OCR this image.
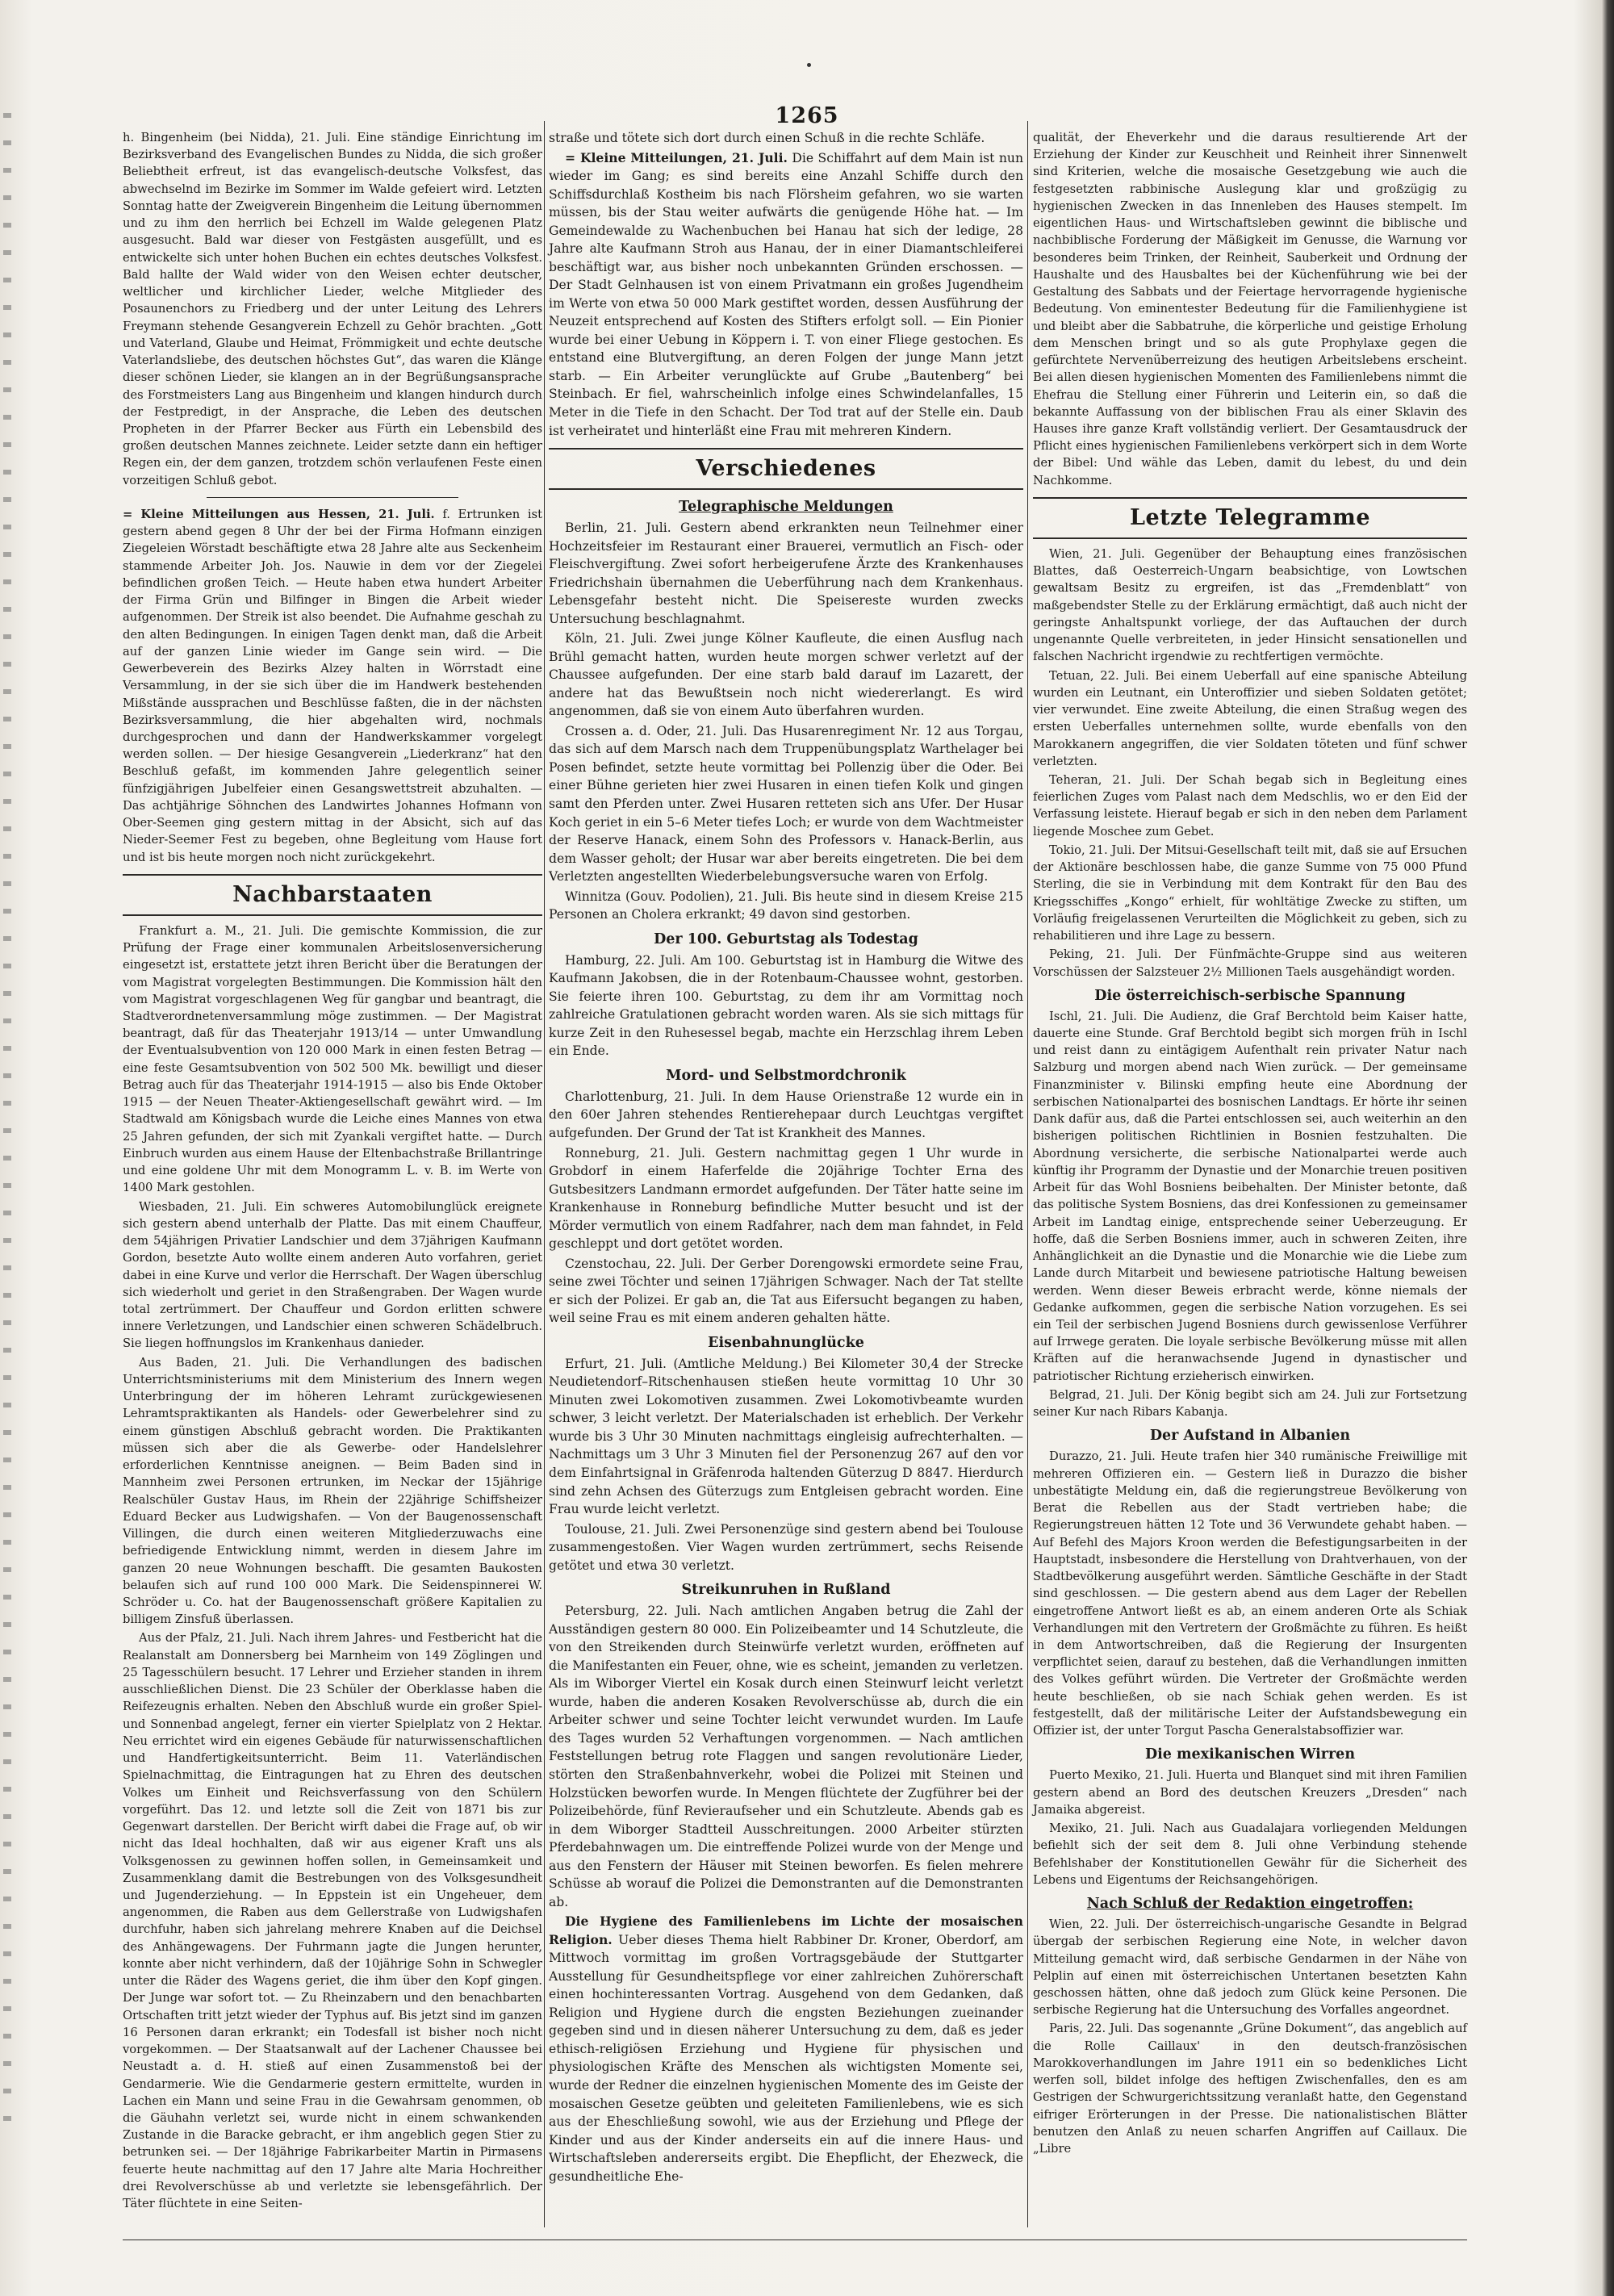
1265

h. Bingenheim (bei Nidda), 21. Juli. Eine ständige Einrichtung im Bezirksverband des Evangelischen Bundes zu Nidda, die sich großer Beliebtheit erfreut, ist das evangelisch-deutsche Volksfest, das abwechselnd im Bezirke im Sommer im Walde gefeiert wird. Letzten Sonntag hatte der Zweigverein Bingenheim die Leitung übernommen und zu ihm den herrlich bei Echzell im Walde gelegenen Platz ausgesucht. Bald war dieser von Festgästen ausgefüllt, und es entwickelte sich unter hohen Buchen ein echtes deutsches Volksfest. Bald hallte der Wald wider von den Weisen echter deutscher, weltlicher und kirchlicher Lieder, welche Mitglieder des Posaunenchors zu Friedberg und der unter Leitung des Lehrers Freymann stehende Gesangverein Echzell zu Gehör brachten. „Gott und Vaterland, Glaube und Heimat, Frömmigkeit und echte deutsche Vaterlandsliebe, des deutschen höchstes Gut“, das waren die Klänge dieser schönen Lieder, sie klangen an in der Begrüßungsansprache des Forstmeisters Lang aus Bingenheim und klangen hindurch durch der Festpredigt, in der Ansprache, die Leben des deutschen Propheten in der Pfarrer Becker aus Fürth ein Lebensbild des großen deutschen Mannes zeichnete. Leider setzte dann ein heftiger Regen ein, der dem ganzen, trotzdem schön verlaufenen Feste einen vorzeitigen Schluß gebot.

= Kleine Mitteilungen aus Hessen, 21. Juli. f. Ertrunken ist gestern abend gegen 8 Uhr der bei der Firma Hofmann einzigen Ziegeleien Wörstadt beschäftigte etwa 28 Jahre alte aus Seckenheim stammende Arbeiter Joh. Jos. Nauwie in dem vor der Ziegelei befindlichen großen Teich. — Heute haben etwa hundert Arbeiter der Firma Grün und Bilfinger in Bingen die Arbeit wieder aufgenommen. Der Streik ist also beendet. Die Aufnahme geschah zu den alten Bedingungen. In einigen Tagen denkt man, daß die Arbeit auf der ganzen Linie wieder im Gange sein wird. — Die Gewerbeverein des Bezirks Alzey halten in Wörrstadt eine Versammlung, in der sie sich über die im Handwerk bestehenden Mißstände aussprachen und Beschlüsse faßten, die in der nächsten Bezirksversammlung, die hier abgehalten wird, nochmals durchgesprochen und dann der Handwerkskammer vorgelegt werden sollen. — Der hiesige Gesangverein „Liederkranz“ hat den Beschluß gefaßt, im kommenden Jahre gelegentlich seiner fünfzigjährigen Jubelfeier einen Gesangswettstreit abzuhalten. — Das achtjährige Söhnchen des Landwirtes Johannes Hofmann von Ober-Seemen ging gestern mittag in der Absicht, sich auf das Nieder-Seemer Fest zu begeben, ohne Begleitung vom Hause fort und ist bis heute morgen noch nicht zurückgekehrt.

Nachbarstaaten

Frankfurt a. M., 21. Juli. Die gemischte Kommission, die zur Prüfung der Frage einer kommunalen Arbeitslosenversicherung eingesetzt ist, erstattete jetzt ihren Bericht über die Beratungen der vom Magistrat vorgelegten Bestimmungen. Die Kommission hält den vom Magistrat vorgeschlagenen Weg für gangbar und beantragt, die Stadtverordnetenversammlung möge zustimmen. — Der Magistrat beantragt, daß für das Theaterjahr 1913/14 — unter Umwandlung der Eventualsubvention von 120 000 Mark in einen festen Betrag — eine feste Gesamtsubvention von 502 500 Mk. bewilligt und dieser Betrag auch für das Theaterjahr 1914-1915 — also bis Ende Oktober 1915 — der Neuen Theater-Aktiengesellschaft gewährt wird. — Im Stadtwald am Königsbach wurde die Leiche eines Mannes von etwa 25 Jahren gefunden, der sich mit Zyankali vergiftet hatte. — Durch Einbruch wurden aus einem Hause der Eltenbachstraße Brillantringe und eine goldene Uhr mit dem Monogramm L. v. B. im Werte von 1400 Mark gestohlen.

Wiesbaden, 21. Juli. Ein schweres Automobilunglück ereignete sich gestern abend unterhalb der Platte. Das mit einem Chauffeur, dem 54jährigen Privatier Landschier und dem 37jährigen Kaufmann Gordon, besetzte Auto wollte einem anderen Auto vorfahren, geriet dabei in eine Kurve und verlor die Herrschaft. Der Wagen überschlug sich wiederholt und geriet in den Straßengraben. Der Wagen wurde total zertrümmert. Der Chauffeur und Gordon erlitten schwere innere Verletzungen, und Landschier einen schweren Schädelbruch. Sie liegen hoffnungslos im Krankenhaus danieder.

Aus Baden, 21. Juli. Die Verhandlungen des badischen Unterrichtsministeriums mit dem Ministerium des Innern wegen Unterbringung der im höheren Lehramt zurückgewiesenen Lehramtspraktikanten als Handels- oder Gewerbelehrer sind zu einem günstigen Abschluß gebracht worden. Die Praktikanten müssen sich aber die als Gewerbe- oder Handelslehrer erforderlichen Kenntnisse aneignen. — Beim Baden sind in Mannheim zwei Personen ertrunken, im Neckar der 15jährige Realschüler Gustav Haus, im Rhein der 22jährige Schiffsheizer Eduard Becker aus Ludwigshafen. — Von der Baugenossenschaft Villingen, die durch einen weiteren Mitgliederzuwachs eine befriedigende Entwicklung nimmt, werden in diesem Jahre im ganzen 20 neue Wohnungen beschafft. Die gesamten Baukosten belaufen sich auf rund 100 000 Mark. Die Seidenspinnerei W. Schröder u. Co. hat der Baugenossenschaft größere Kapitalien zu billigem Zinsfuß überlassen.

Aus der Pfalz, 21. Juli. Nach ihrem Jahres- und Festbericht hat die Realanstalt am Donnersberg bei Marnheim von 149 Zöglingen und 25 Tagesschülern besucht. 17 Lehrer und Erzieher standen in ihrem ausschließlichen Dienst. Die 23 Schüler der Oberklasse haben die Reifezeugnis erhalten. Neben den Abschluß wurde ein großer Spiel- und Sonnenbad angelegt, ferner ein vierter Spielplatz von 2 Hektar. Neu errichtet wird ein eigenes Gebäude für naturwissenschaftlichen und Handfertigkeitsunterricht. Beim 11. Vaterländischen Spielnachmittag, die Eintragungen hat zu Ehren des deutschen Volkes um Einheit und Reichsverfassung von den Schülern vorgeführt. Das 12. und letzte soll die Zeit von 1871 bis zur Gegenwart darstellen. Der Bericht wirft dabei die Frage auf, ob wir nicht das Ideal hochhalten, daß wir aus eigener Kraft uns als Volksgenossen zu gewinnen hoffen sollen, in Gemeinsamkeit und Zusammenklang damit die Bestrebungen von des Volksgesundheit und Jugenderziehung. — In Eppstein ist ein Ungeheuer, dem angenommen, die Raben aus dem Gellerstraße von Ludwigshafen durchfuhr, haben sich jahrelang mehrere Knaben auf die Deichsel des Anhängewagens. Der Fuhrmann jagte die Jungen herunter, konnte aber nicht verhindern, daß der 10jährige Sohn in Schwegler unter die Räder des Wagens geriet, die ihm über den Kopf gingen. Der Junge war sofort tot. — Zu Rheinzabern und den benachbarten Ortschaften tritt jetzt wieder der Typhus auf. Bis jetzt sind im ganzen 16 Personen daran erkrankt; ein Todesfall ist bisher noch nicht vorgekommen. — Der Staatsanwalt auf der Lachener Chaussee bei Neustadt a. d. H. stieß auf einen Zusammenstoß bei der Gendarmerie. Wie die Gendarmerie gestern ermittelte, wurden in Lachen ein Mann und seine Frau in die Gewahrsam genommen, ob die Gäuhahn verletzt sei, wurde nicht in einem schwankenden Zustande in die Baracke gebracht, er ihm angeblich gegen Stier zu betrunken sei. — Der 18jährige Fabrikarbeiter Martin in Pirmasens feuerte heute nachmittag auf den 17 Jahre alte Maria Hochreither drei Revolverschüsse ab und verletzte sie lebensgefährlich. Der Täter flüchtete in eine Seiten-

straße und tötete sich dort durch einen Schuß in die rechte Schläfe.

= Kleine Mitteilungen, 21. Juli. Die Schiffahrt auf dem Main ist nun wieder im Gang; es sind bereits eine Anzahl Schiffe durch den Schiffsdurchlaß Kostheim bis nach Flörsheim gefahren, wo sie warten müssen, bis der Stau weiter aufwärts die genügende Höhe hat. — Im Gemeindewalde zu Wachenbuchen bei Hanau hat sich der ledige, 28 Jahre alte Kaufmann Stroh aus Hanau, der in einer Diamantschleiferei beschäftigt war, aus bisher noch unbekannten Gründen erschossen. — Der Stadt Gelnhausen ist von einem Privatmann ein großes Jugendheim im Werte von etwa 50 000 Mark gestiftet worden, dessen Ausführung der Neuzeit entsprechend auf Kosten des Stifters erfolgt soll. — Ein Pionier wurde bei einer Uebung in Köppern i. T. von einer Fliege gestochen. Es entstand eine Blutvergiftung, an deren Folgen der junge Mann jetzt starb. — Ein Arbeiter verunglückte auf Grube „Bautenberg“ bei Steinbach. Er fiel, wahrscheinlich infolge eines Schwindelanfalles, 15 Meter in die Tiefe in den Schacht. Der Tod trat auf der Stelle ein. Daub ist verheiratet und hinterläßt eine Frau mit mehreren Kindern.

Verschiedenes
Telegraphische Meldungen

Berlin, 21. Juli. Gestern abend erkrankten neun Teilnehmer einer Hochzeitsfeier im Restaurant einer Brauerei, vermutlich an Fisch- oder Fleischvergiftung. Zwei sofort herbeigerufene Ärzte des Krankenhauses Friedrichshain übernahmen die Ueberführung nach dem Krankenhaus. Lebensgefahr besteht nicht. Die Speisereste wurden zwecks Untersuchung beschlagnahmt.

Köln, 21. Juli. Zwei junge Kölner Kaufleute, die einen Ausflug nach Brühl gemacht hatten, wurden heute morgen schwer verletzt auf der Chaussee aufgefunden. Der eine starb bald darauf im Lazarett, der andere hat das Bewußtsein noch nicht wiedererlangt. Es wird angenommen, daß sie von einem Auto überfahren wurden.

Crossen a. d. Oder, 21. Juli. Das Husarenregiment Nr. 12 aus Torgau, das sich auf dem Marsch nach dem Truppenübungsplatz Warthelager bei Posen befindet, setzte heute vormittag bei Pollenzig über die Oder. Bei einer Bühne gerieten hier zwei Husaren in einen tiefen Kolk und gingen samt den Pferden unter. Zwei Husaren retteten sich ans Ufer. Der Husar Koch geriet in ein 5–6 Meter tiefes Loch; er wurde von dem Wachtmeister der Reserve Hanack, einem Sohn des Professors v. Hanack-Berlin, aus dem Wasser geholt; der Husar war aber bereits eingetreten. Die bei dem Verletzten angestellten Wiederbelebungsversuche waren von Erfolg.

Winnitza (Gouv. Podolien), 21. Juli. Bis heute sind in diesem Kreise 215 Personen an Cholera erkrankt; 49 davon sind gestorben.

Der 100. Geburtstag als Todestag

Hamburg, 22. Juli. Am 100. Geburtstag ist in Hamburg die Witwe des Kaufmann Jakobsen, die in der Rotenbaum-Chaussee wohnt, gestorben. Sie feierte ihren 100. Geburtstag, zu dem ihr am Vormittag noch zahlreiche Gratulationen gebracht worden waren. Als sie sich mittags für kurze Zeit in den Ruhesessel begab, machte ein Herzschlag ihrem Leben ein Ende.

Mord- und Selbstmordchronik

Charlottenburg, 21. Juli. In dem Hause Orienstraße 12 wurde ein in den 60er Jahren stehendes Rentierehepaar durch Leuchtgas vergiftet aufgefunden. Der Grund der Tat ist Krankheit des Mannes.

Ronneburg, 21. Juli. Gestern nachmittag gegen 1 Uhr wurde in Grobdorf in einem Haferfelde die 20jährige Tochter Erna des Gutsbesitzers Landmann ermordet aufgefunden. Der Täter hatte seine im Krankenhause in Ronneburg befindliche Mutter besucht und ist der Mörder vermutlich von einem Radfahrer, nach dem man fahndet, in Feld geschleppt und dort getötet worden.

Czenstochau, 22. Juli. Der Gerber Dorengowski ermordete seine Frau, seine zwei Töchter und seinen 17jährigen Schwager. Nach der Tat stellte er sich der Polizei. Er gab an, die Tat aus Eifersucht begangen zu haben, weil seine Frau es mit einem anderen gehalten hätte.

Eisenbahnunglücke

Erfurt, 21. Juli. (Amtliche Meldung.) Bei Kilometer 30,4 der Strecke Neudietendorf–Ritschenhausen stießen heute vormittag 10 Uhr 30 Minuten zwei Lokomotiven zusammen. Zwei Lokomotivbeamte wurden schwer, 3 leicht verletzt. Der Materialschaden ist erheblich. Der Verkehr wurde bis 3 Uhr 30 Minuten nachmittags eingleisig aufrechterhalten. — Nachmittags um 3 Uhr 3 Minuten fiel der Personenzug 267 auf den vor dem Einfahrtsignal in Gräfenroda haltenden Güterzug D 8847. Hierdurch sind zehn Achsen des Güterzugs zum Entgleisen gebracht worden. Eine Frau wurde leicht verletzt.

Toulouse, 21. Juli. Zwei Personenzüge sind gestern abend bei Toulouse zusammengestoßen. Vier Wagen wurden zertrümmert, sechs Reisende getötet und etwa 30 verletzt.

Streikunruhen in Rußland

Petersburg, 22. Juli. Nach amtlichen Angaben betrug die Zahl der Ausständigen gestern 80 000. Ein Polizeibeamter und 14 Schutzleute, die von den Streikenden durch Steinwürfe verletzt wurden, eröffneten auf die Manifestanten ein Feuer, ohne, wie es scheint, jemanden zu verletzen. Als im Wiborger Viertel ein Kosak durch einen Steinwurf leicht verletzt wurde, haben die anderen Kosaken Revolverschüsse ab, durch die ein Arbeiter schwer und seine Tochter leicht verwundet wurden. Im Laufe des Tages wurden 52 Verhaftungen vorgenommen. — Nach amtlichen Feststellungen betrug rote Flaggen und sangen revolutionäre Lieder, störten den Straßenbahnverkehr, wobei die Polizei mit Steinen und Holzstücken beworfen wurde. In Mengen flüchtete der Zugführer bei der Polizeibehörde, fünf Revieraufseher und ein Schutzleute. Abends gab es in dem Wiborger Stadtteil Ausschreitungen. 2000 Arbeiter stürzten Pferdebahnwagen um. Die eintreffende Polizei wurde von der Menge und aus den Fenstern der Häuser mit Steinen beworfen. Es fielen mehrere Schüsse ab worauf die Polizei die Demonstranten auf die Demonstranten ab.

Die Hygiene des Familienlebens im Lichte der mosaischen Religion. Ueber dieses Thema hielt Rabbiner Dr. Kroner, Oberdorf, am Mittwoch vormittag im großen Vortragsgebäude der Stuttgarter Ausstellung für Gesundheitspflege vor einer zahlreichen Zuhörerschaft einen hochinteressanten Vortrag. Ausgehend von dem Gedanken, daß Religion und Hygiene durch die engsten Beziehungen zueinander gegeben sind und in diesen näherer Untersuchung zu dem, daß es jeder ethisch-religiösen Erziehung und Hygiene für physischen und physiologischen Kräfte des Menschen als wichtigsten Momente sei, wurde der Redner die einzelnen hygienischen Momente des im Geiste der mosaischen Gesetze geübten und geleiteten Familienlebens, wie es sich aus der Eheschließung sowohl, wie aus der Erziehung und Pflege der Kinder und aus der Kinder anderseits ein auf die innere Haus- und Wirtschaftsleben andererseits ergibt. Die Ehepflicht, der Ehezweck, die gesundheitliche Ehe-

qualität, der Eheverkehr und die daraus resultierende Art der Erziehung der Kinder zur Keuschheit und Reinheit ihrer Sinnenwelt sind Kriterien, welche die mosaische Gesetzgebung wie auch die festgesetzten rabbinische Auslegung klar und großzügig zu hygienischen Zwecken in das Innenleben des Hauses stempelt. Im eigentlichen Haus- und Wirtschaftsleben gewinnt die biblische und nachbiblische Forderung der Mäßigkeit im Genusse, die Warnung vor besonderes beim Trinken, der Reinheit, Sauberkeit und Ordnung der Haushalte und des Hausbaltes bei der Küchenführung wie bei der Gestaltung des Sabbats und der Feiertage hervorragende hygienische Bedeutung. Von eminentester Bedeutung für die Familienhygiene ist und bleibt aber die Sabbatruhe, die körperliche und geistige Erholung dem Menschen bringt und so als gute Prophylaxe gegen die gefürchtete Nervenüberreizung des heutigen Arbeitslebens erscheint. Bei allen diesen hygienischen Momenten des Familienlebens nimmt die Ehefrau die Stellung einer Führerin und Leiterin ein, so daß die bekannte Auffassung von der biblischen Frau als einer Sklavin des Hauses ihre ganze Kraft vollständig verliert. Der Gesamtausdruck der Pflicht eines hygienischen Familienlebens verkörpert sich in dem Worte der Bibel: Und wähle das Leben, damit du lebest, du und dein Nachkomme.

Letzte Telegramme

Wien, 21. Juli. Gegenüber der Behauptung eines französischen Blattes, daß Oesterreich-Ungarn beabsichtige, von Lowtschen gewaltsam Besitz zu ergreifen, ist das „Fremdenblatt“ von maßgebendster Stelle zu der Erklärung ermächtigt, daß auch nicht der geringste Anhaltspunkt vorliege, der das Auftauchen der durch ungenannte Quelle verbreiteten, in jeder Hinsicht sensationellen und falschen Nachricht irgendwie zu rechtfertigen vermöchte.

Tetuan, 22. Juli. Bei einem Ueberfall auf eine spanische Abteilung wurden ein Leutnant, ein Unteroffizier und sieben Soldaten getötet; vier verwundet. Eine zweite Abteilung, die einen Straßug wegen des ersten Ueberfalles unternehmen sollte, wurde ebenfalls von den Marokkanern angegriffen, die vier Soldaten töteten und fünf schwer verletzten.

Teheran, 21. Juli. Der Schah begab sich in Begleitung eines feierlichen Zuges vom Palast nach dem Medschlis, wo er den Eid der Verfassung leistete. Hierauf begab er sich in den neben dem Parlament liegende Moschee zum Gebet.

Tokio, 21. Juli. Der Mitsui-Gesellschaft teilt mit, daß sie auf Ersuchen der Aktionäre beschlossen habe, die ganze Summe von 75 000 Pfund Sterling, die sie in Verbindung mit dem Kontrakt für den Bau des Kriegsschiffes „Kongo“ erhielt, für wohltätige Zwecke zu stiften, um Vorläufig freigelassenen Verurteilten die Möglichkeit zu geben, sich zu rehabilitieren und ihre Lage zu bessern.

Peking, 21. Juli. Der Fünfmächte-Gruppe sind aus weiteren Vorschüssen der Salzsteuer 2½ Millionen Taels ausgehändigt worden.

Die österreichisch-serbische Spannung

Ischl, 21. Juli. Die Audienz, die Graf Berchtold beim Kaiser hatte, dauerte eine Stunde. Graf Berchtold begibt sich morgen früh in Ischl und reist dann zu eintägigem Aufenthalt rein privater Natur nach Salzburg und morgen abend nach Wien zurück. — Der gemeinsame Finanzminister v. Bilinski empfing heute eine Abordnung der serbischen Nationalpartei des bosnischen Landtags. Er hörte ihr seinen Dank dafür aus, daß die Partei entschlossen sei, auch weiterhin an den bisherigen politischen Richtlinien in Bosnien festzuhalten. Die Abordnung versicherte, die serbische Nationalpartei werde auch künftig ihr Programm der Dynastie und der Monarchie treuen positiven Arbeit für das Wohl Bosniens beibehalten. Der Minister betonte, daß das politische System Bosniens, das drei Konfessionen zu gemeinsamer Arbeit im Landtag einige, entsprechende seiner Ueberzeugung. Er hoffe, daß die Serben Bosniens immer, auch in schweren Zeiten, ihre Anhänglichkeit an die Dynastie und die Monarchie wie die Liebe zum Lande durch Mitarbeit und bewiesene patriotische Haltung beweisen werden. Wenn dieser Beweis erbracht werde, könne niemals der Gedanke aufkommen, gegen die serbische Nation vorzugehen. Es sei ein Teil der serbischen Jugend Bosniens durch gewissenlose Verführer auf Irrwege geraten. Die loyale serbische Bevölkerung müsse mit allen Kräften auf die heranwachsende Jugend in dynastischer und patriotischer Richtung erzieherisch einwirken.

Belgrad, 21. Juli. Der König begibt sich am 24. Juli zur Fortsetzung seiner Kur nach Ribars Kabanja.

Der Aufstand in Albanien

Durazzo, 21. Juli. Heute trafen hier 340 rumänische Freiwillige mit mehreren Offizieren ein. — Gestern ließ in Durazzo die bisher unbestätigte Meldung ein, daß die regierungstreue Bevölkerung von Berat die Rebellen aus der Stadt vertrieben habe; die Regierungstreuen hätten 12 Tote und 36 Verwundete gehabt haben. — Auf Befehl des Majors Kroon werden die Befestigungsarbeiten in der Hauptstadt, insbesondere die Herstellung von Drahtverhauen, von der Stadtbevölkerung ausgeführt werden. Sämtliche Geschäfte in der Stadt sind geschlossen. — Die gestern abend aus dem Lager der Rebellen eingetroffene Antwort ließt es ab, an einem anderen Orte als Schiak Verhandlungen mit den Vertretern der Großmächte zu führen. Es heißt in dem Antwortschreiben, daß die Regierung der Insurgenten verpflichtet seien, darauf zu bestehen, daß die Verhandlungen inmitten des Volkes geführt würden. Die Vertreter der Großmächte werden heute beschließen, ob sie nach Schiak gehen werden. Es ist festgestellt, daß der militärische Leiter der Aufstandsbewegung ein Offizier ist, der unter Torgut Pascha Generalstabsoffizier war.

Die mexikanischen Wirren

Puerto Mexiko, 21. Juli. Huerta und Blanquet sind mit ihren Familien gestern abend an Bord des deutschen Kreuzers „Dresden“ nach Jamaika abgereist.

Mexiko, 21. Juli. Nach aus Guadalajara vorliegenden Meldungen befiehlt sich der seit dem 8. Juli ohne Verbindung stehende Befehlshaber der Konstitutionellen Gewähr für die Sicherheit des Lebens und Eigentums der Reichsangehörigen.

Nach Schluß der Redaktion eingetroffen:

Wien, 22. Juli. Der österreichisch-ungarische Gesandte in Belgrad übergab der serbischen Regierung eine Note, in welcher davon Mitteilung gemacht wird, daß serbische Gendarmen in der Nähe von Pelplin auf einen mit österreichischen Untertanen besetzten Kahn geschossen hätten, ohne daß jedoch zum Glück keine Personen. Die serbische Regierung hat die Untersuchung des Vorfalles angeordnet.

Paris, 22. Juli. Das sogenannte „Grüne Dokument“, das angeblich auf die Rolle Caillaux' in den deutsch-französischen Marokkoverhandlungen im Jahre 1911 ein so bedenkliches Licht werfen soll, bildet infolge des heftigen Zwischenfalles, den es am Gestrigen der Schwurgerichtssitzung veranlaßt hatte, den Gegenstand eifriger Erörterungen in der Presse. Die nationalistischen Blätter benutzen den Anlaß zu neuen scharfen Angriffen auf Caillaux. Die „Libre
